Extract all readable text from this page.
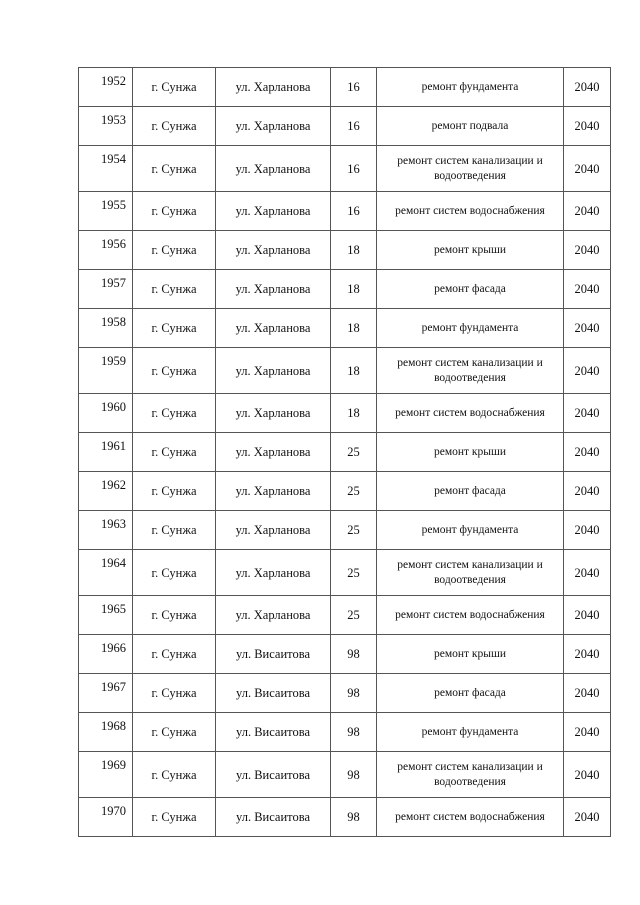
1952	г. Сунжа	ул. Харланова	16	ремонт фундамента	2040
1953	г. Сунжа	ул. Харланова	16	ремонт подвала	2040
1954	г. Сунжа	ул. Харланова	16	ремонт систем канализации и водоотведения	2040
1955	г. Сунжа	ул. Харланова	16	ремонт систем водоснабжения	2040
1956	г. Сунжа	ул. Харланова	18	ремонт крыши	2040
1957	г. Сунжа	ул. Харланова	18	ремонт фасада	2040
1958	г. Сунжа	ул. Харланова	18	ремонт фундамента	2040
1959	г. Сунжа	ул. Харланова	18	ремонт систем канализации и водоотведения	2040
1960	г. Сунжа	ул. Харланова	18	ремонт систем водоснабжения	2040
1961	г. Сунжа	ул. Харланова	25	ремонт крыши	2040
1962	г. Сунжа	ул. Харланова	25	ремонт фасада	2040
1963	г. Сунжа	ул. Харланова	25	ремонт фундамента	2040
1964	г. Сунжа	ул. Харланова	25	ремонт систем канализации и водоотведения	2040
1965	г. Сунжа	ул. Харланова	25	ремонт систем водоснабжения	2040
1966	г. Сунжа	ул. Висаитова	98	ремонт крыши	2040
1967	г. Сунжа	ул. Висаитова	98	ремонт фасада	2040
1968	г. Сунжа	ул. Висаитова	98	ремонт фундамента	2040
1969	г. Сунжа	ул. Висаитова	98	ремонт систем канализации и водоотведения	2040
1970	г. Сунжа	ул. Висаитова	98	ремонт систем водоснабжения	2040
